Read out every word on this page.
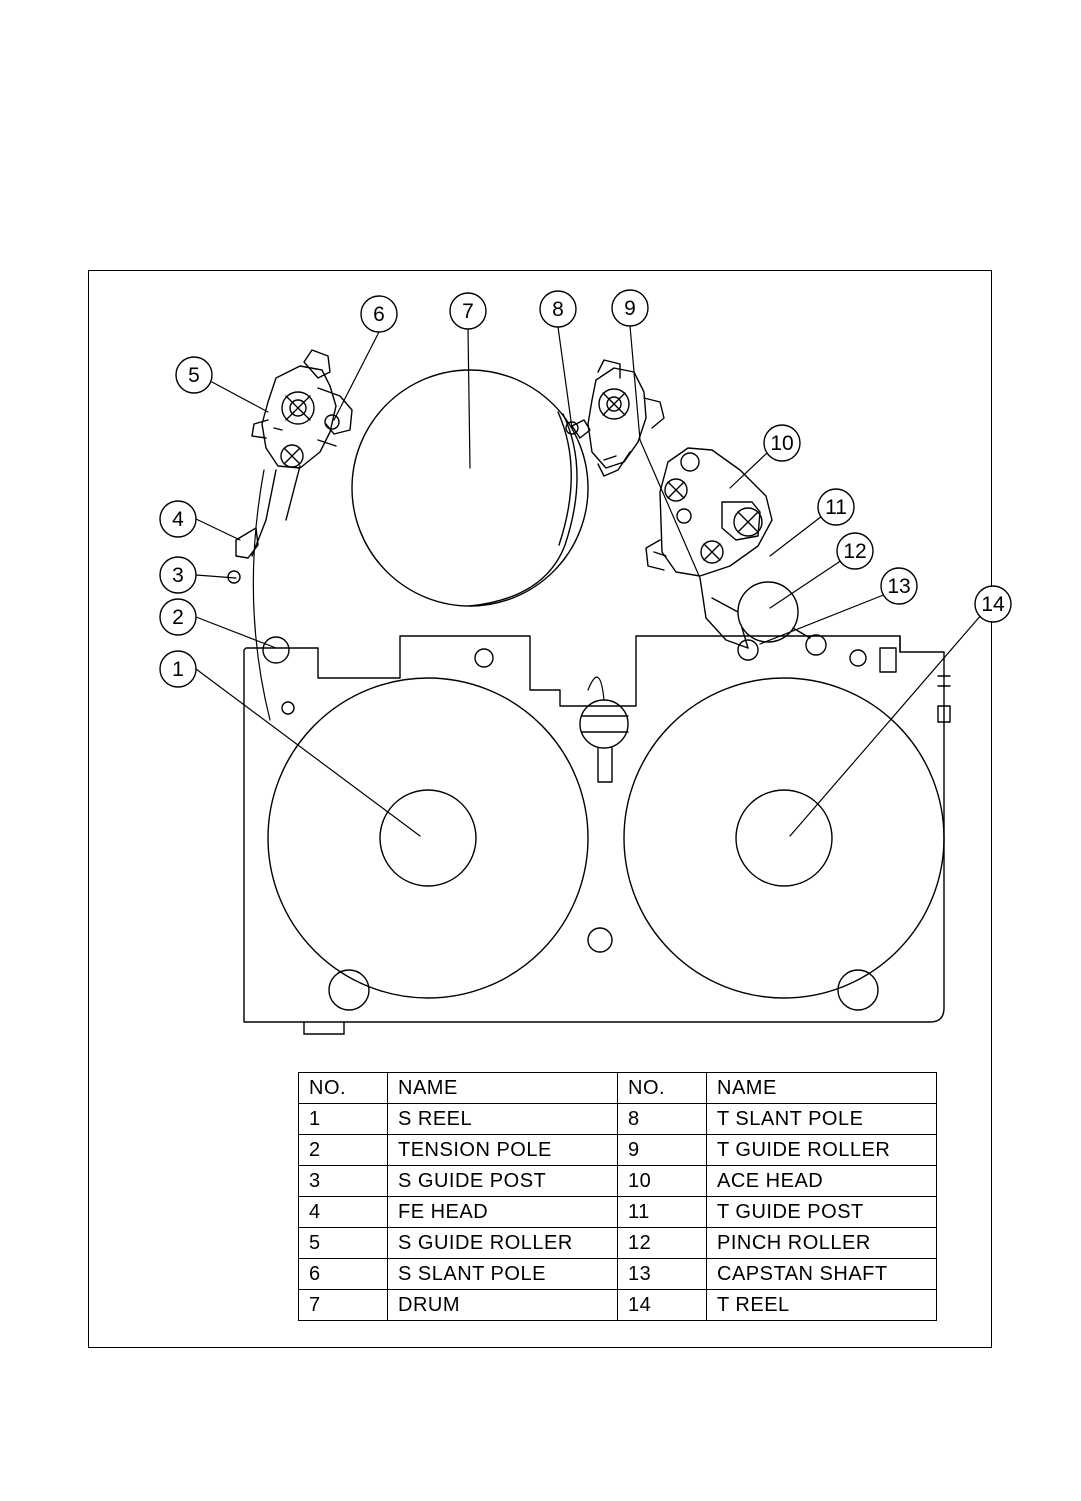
1
2
3
4
5
6	7	8	9
10
11
12
13
14
NO.	NAME	NO.	NAME
1	S REEL	8	T SLANT POLE
2	TENSION POLE	9	T GUIDE ROLLER
3	S GUIDE POST	10	ACE HEAD
4	FE HEAD	11	T GUIDE POST
5	S GUIDE ROLLER	12	PINCH ROLLER
6	S SLANT POLE	13	CAPSTAN SHAFT
7	DRUM	14	T REEL
